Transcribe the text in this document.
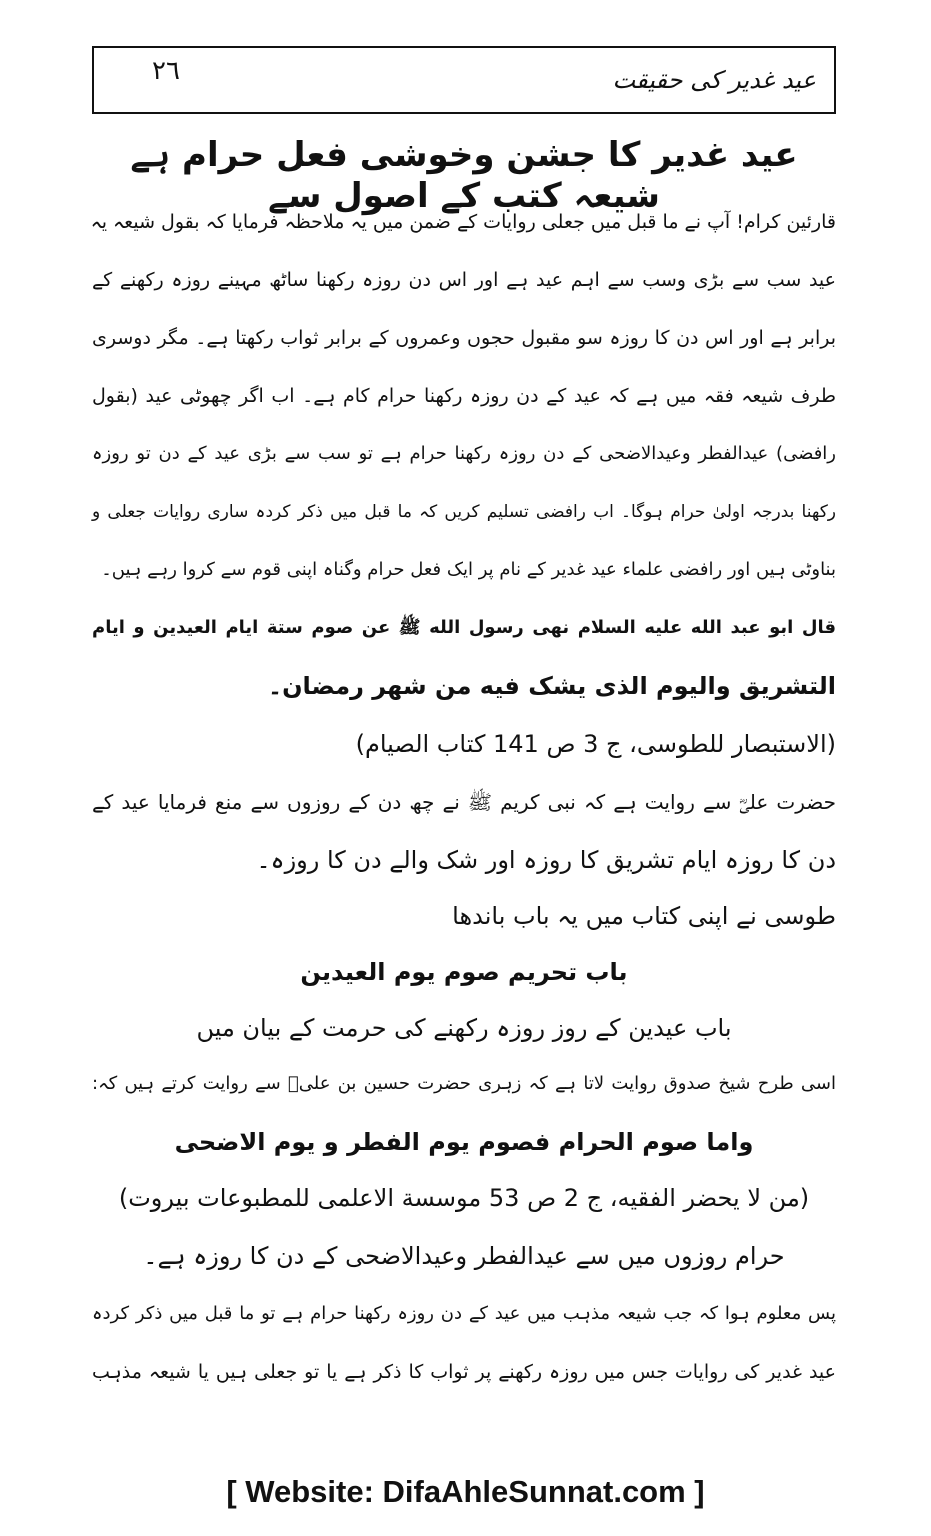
٢٦	عید غدیر کی حقیقت
عید غدیر کا جشن وخوشی فعل حرام ہے شیعہ کتب کے اصول سے
قارئین کرام! آپ نے ما قبل میں جعلی روایات کے ضمن میں یہ ملاحظہ فرمایا کہ بقول شیعہ یہ
عید سب سے بڑی وسب سے اہم عید ہے اور اس دن روزہ رکھنا ساٹھ مہینے روزہ رکھنے کے
برابر ہے اور اس دن کا روزہ سو مقبول حجوں وعمروں کے برابر ثواب رکھتا ہے۔ مگر دوسری
طرف شیعہ فقہ میں ہے کہ عید کے دن روزہ رکھنا حرام کام ہے۔ اب اگر چھوٹی عید (بقول
رافضی) عیدالفطر وعیدالاضحی کے دن روزہ رکھنا حرام ہے تو سب سے بڑی عید کے دن تو روزہ
رکھنا بدرجہ اولیٰ حرام ہوگا۔ اب رافضی تسلیم کریں کہ ما قبل میں ذکر کردہ ساری روایات جعلی و
بناوٹی ہیں اور رافضی علماء عید غدیر کے نام پر ایک فعل حرام وگناہ اپنی قوم سے کروا رہے ہیں۔
قال ابو عبد الله علیه السلام نهی رسول الله ﷺ عن صوم ستة ایام العیدین و ایام
التشریق والیوم الذی یشک فیه من شهر رمضان۔
(الاستبصار للطوسی، ج 3 ص 141 کتاب الصیام)
حضرت علیؓ سے روایت ہے کہ نبی کریم ﷺ نے چھ دن کے روزوں سے منع فرمایا عید کے
دن کا روزہ ایام تشریق کا روزہ اور شک والے دن کا روزہ۔
طوسی نے اپنی کتاب میں یہ باب باندھا
باب تحریم صوم یوم العیدین
باب عیدین کے روز روزہ رکھنے کی حرمت کے بیان میں
اسی طرح شیخ صدوق روایت لاتا ہے کہ زہری حضرت حسین بن علیؓ سے روایت کرتے ہیں کہ:
واما صوم الحرام فصوم یوم الفطر و یوم الاضحی
(من لا یحضر الفقیه، ج 2 ص 53 موسسة الاعلمی للمطبوعات بیروت)
حرام روزوں میں سے عیدالفطر وعیدالاضحی کے دن کا روزہ ہے۔
پس معلوم ہوا کہ جب شیعہ مذہب میں عید کے دن روزہ رکھنا حرام ہے تو ما قبل میں ذکر کردہ
عید غدیر کی روایات جس میں روزہ رکھنے پر ثواب کا ذکر ہے یا تو جعلی ہیں یا شیعہ مذہب
[ Website: DifaAhleSunnat.com ]
